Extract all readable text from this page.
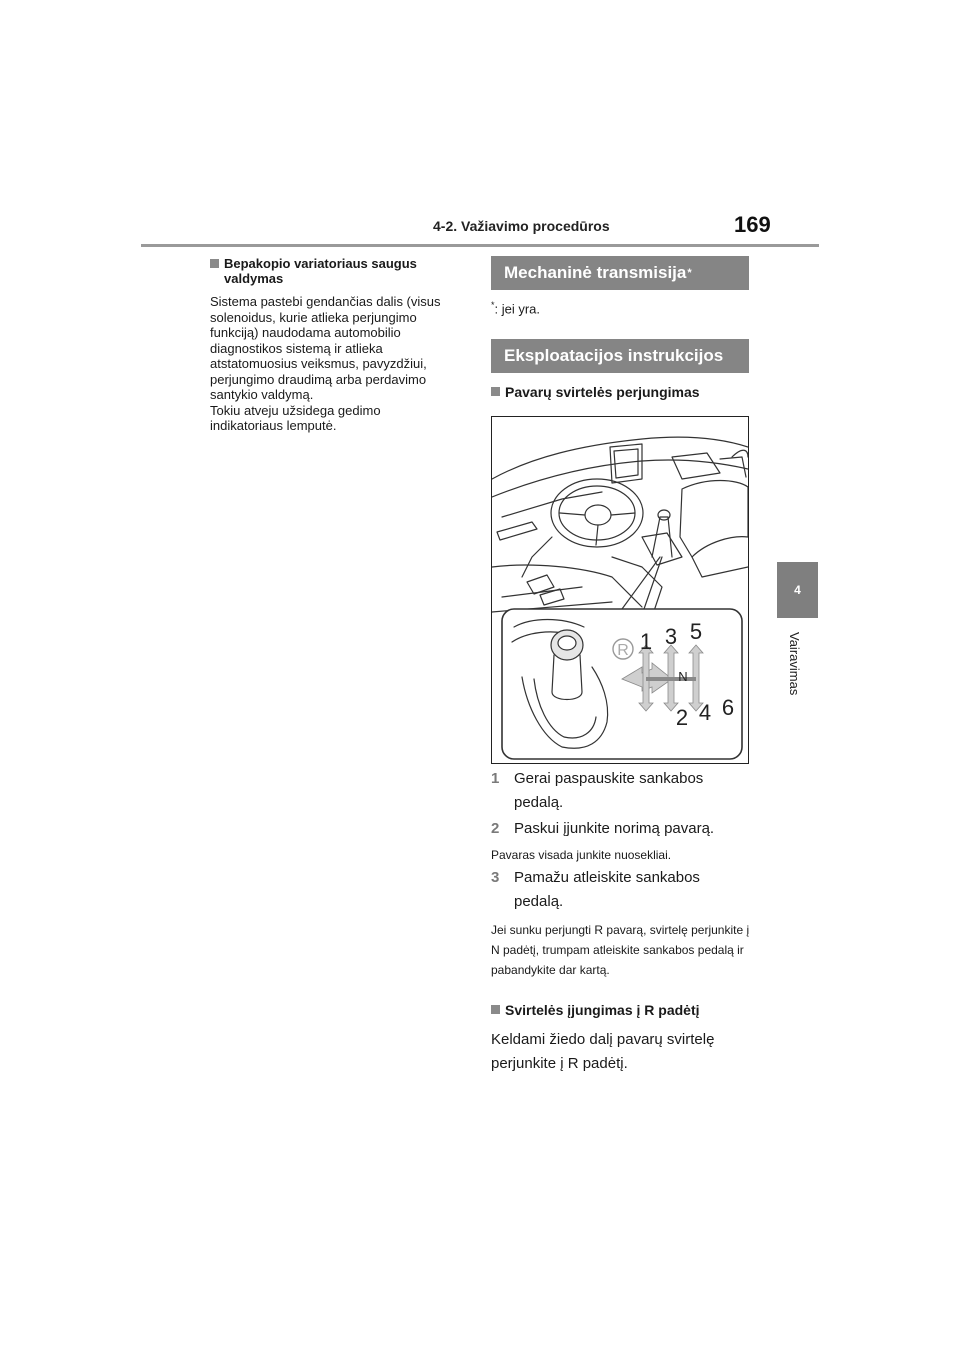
4-2. Važiavimo procedūros	169
4
Vairavimas
Bepakopio variatoriaus saugus valdymas
Sistema pastebi gendančias dalis (visus
solenoidus, kurie atlieka perjungimo
funkciją) naudodama automobilio
diagnostikos sistemą ir atlieka
atstatomuosius veiksmus, pavyzdžiui,
perjungimo draudimą arba perdavimo
santykio valdymą.
Tokiu atveju užsidega gedimo
indikatoriaus lemputė.
Mechaninė transmisija *
*: jei yra.
Eksploatacijos instrukcijos
Pavarų svirtelės perjungimas
R 1 3 5
N
2 4 6
1 Gerai paspauskite sankabos pedalą.
2 Paskui įjunkite norimą pavarą.
Pavaras visada junkite nuosekliai.
3 Pamažu atleiskite sankabos pedalą.
Jei sunku perjungti R pavarą, svirtelę perjunkite į N padėtį, trumpam atleiskite sankabos pedalą ir pabandykite dar kartą.
Svirtelės įjungimas į R padėtį
Keldami žiedo dalį pavarų svirtelę perjunkite į R padėtį.
